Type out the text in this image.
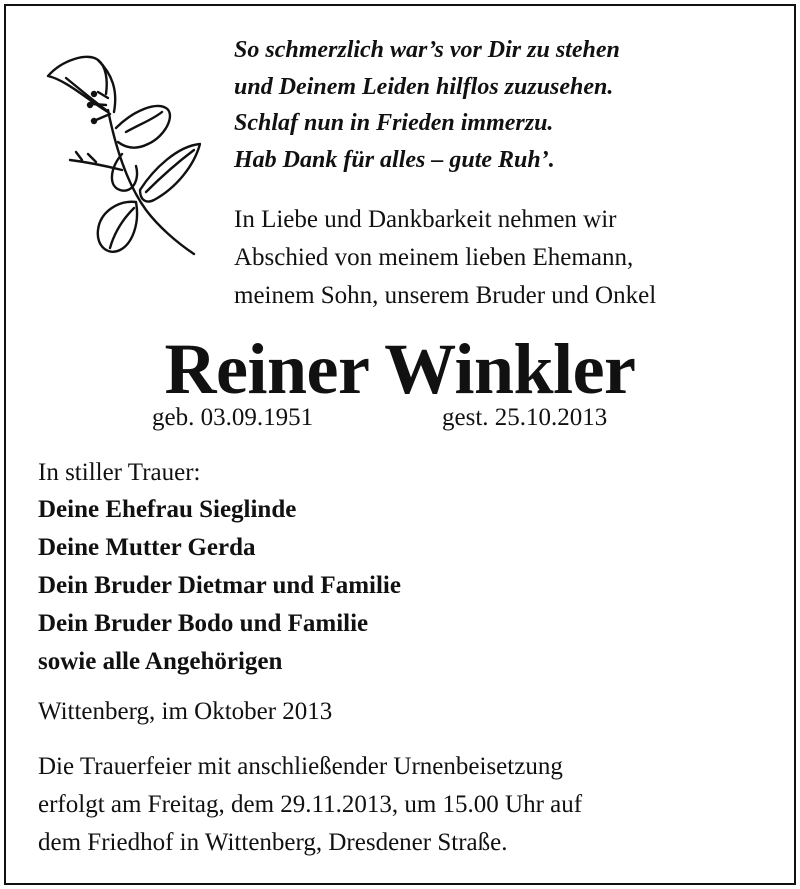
So schmerzlich war’s vor Dir zu stehen
und Deinem Leiden hilflos zuzusehen.
Schlaf nun in Frieden immerzu.
Hab Dank für alles – gute Ruh’.
In Liebe und Dankbarkeit nehmen wir
Abschied von meinem lieben Ehemann,
meinem Sohn, unserem Bruder und Onkel
Reiner Winkler
geb. 03.09.1951	gest. 25.10.2013
In stiller Trauer:
Deine Ehefrau Sieglinde
Deine Mutter Gerda
Dein Bruder Dietmar und Familie
Dein Bruder Bodo und Familie
sowie alle Angehörigen
Wittenberg, im Oktober 2013
Die Trauerfeier mit anschließender Urnenbeisetzung
erfolgt am Freitag, dem 29.11.2013, um 15.00 Uhr auf
dem Friedhof in Wittenberg, Dresdener Straße.
